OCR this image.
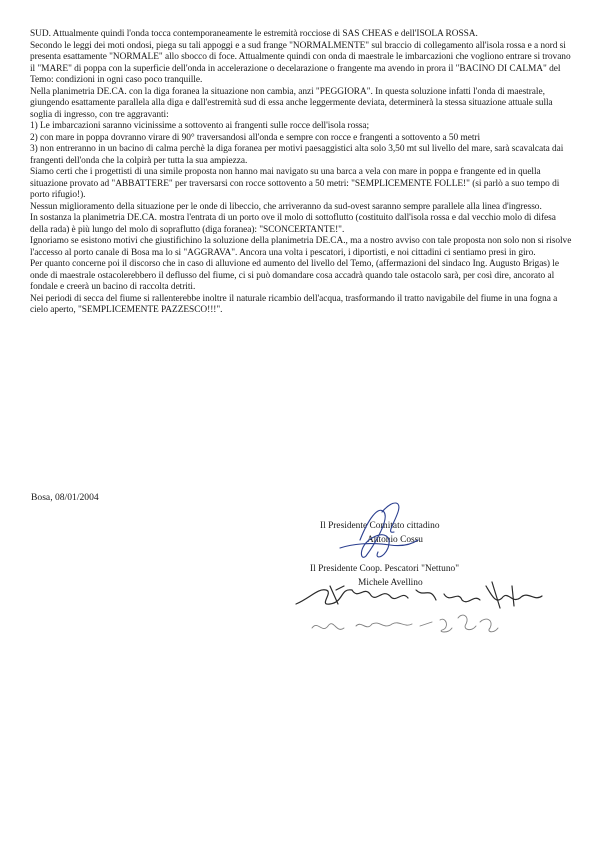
SUD. Attualmente quindi l'onda tocca contemporaneamente le estremità rocciose di SAS CHEAS e dell'ISOLA ROSSA.

Secondo le leggi dei moti ondosi, piega su tali appoggi e a sud frange "NORMALMENTE" sul braccio di collegamento all'isola rossa e a nord si presenta esattamente "NORMALE" allo sbocco di foce. Attualmente quindi con onda di maestrale le imbarcazioni che vogliono entrare si trovano il "MARE" di poppa con la superficie dell'onda in accelerazione o decelarazione o frangente ma avendo in prora il "BACINO DI CALMA" del Temo: condizioni in ogni caso poco tranquille.

Nella planimetria DE.CA. con la diga foranea la situazione non cambia, anzi "PEGGIORA". In questa soluzione infatti l'onda di maestrale, giungendo esattamente parallela alla diga e dall'estremità sud di essa anche leggermente deviata, determinerà la stessa situazione attuale sulla soglia di ingresso, con tre aggravanti:

1) Le imbarcazioni saranno vicinissime a sottovento ai frangenti sulle rocce dell'isola rossa;

2) con mare in poppa dovranno virare di 90° traversandosi all'onda e sempre con rocce e frangenti a sottovento a 50 metri

3) non entreranno in un bacino di calma perchè la diga foranea per motivi paesaggistici alta solo 3,50 mt sul livello del mare, sarà scavalcata dai frangenti dell'onda che la colpirà per tutta la sua ampiezza.

Siamo certi che i progettisti di una simile proposta non hanno mai navigato su una barca a vela con mare in poppa e frangente ed in quella situazione provato ad "ABBATTERE" per traversarsi con rocce sottovento a 50 metri: "SEMPLICEMENTE FOLLE!" (si parlò a suo tempo di porto rifugio!).

Nessun miglioramento della situazione per le onde di libeccio, che arriveranno da sud-ovest saranno sempre parallele alla linea d'ingresso.

In sostanza la planimetria DE.CA. mostra l'entrata di un porto ove il molo di sottoflutto (costituito dall'isola rossa e dal vecchio molo di difesa della rada) è più lungo del molo di sopraflutto (diga foranea): "SCONCERTANTE!".

Ignoriamo se esistono motivi che giustifichino la soluzione della planimetria DE.CA., ma a nostro avviso con tale proposta non solo non si risolve l'accesso al porto canale di Bosa ma lo si "AGGRAVA". Ancora una volta i pescatori, i diportisti, e noi cittadini ci sentiamo presi in giro.

Per quanto concerne poi il discorso che in caso di alluvione ed aumento del livello del Temo, (affermazioni del sindaco Ing. Augusto Brigas) le onde di maestrale ostacolerebbero il deflusso del fiume, ci si può domandare cosa accadrà quando tale ostacolo sarà, per così dire, ancorato al fondale e creerà un bacino di raccolta detriti.

Nei periodi di secca del fiume si rallenterebbe inoltre il naturale ricambio dell'acqua, trasformando il tratto navigabile del fiume in una fogna a cielo aperto, "SEMPLICEMENTE PAZZESCO!!!".

Bosa, 08/01/2004
Il Presidente Comitato cittadino
Antonio Cossu
Il Presidente Coop. Pescatori "Nettuno"
Michele Avellino
